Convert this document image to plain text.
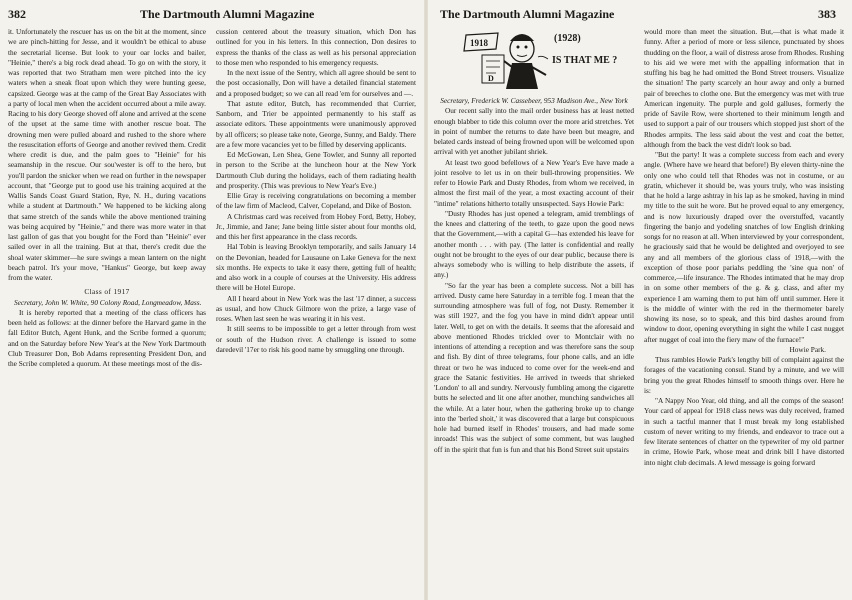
382	The Dartmouth Alumni Magazine

it. Unfortunately the rescuer has us on the bit at the moment, since we are pinch-hitting for Jesse, and it wouldn't be ethical to abuse the secretarial license. But look to your oar locks and bailer, "Heinie," there's a big rock dead ahead. To go on with the story, it was reported that two Stratham men were pitched into the icy waters when a sneak float upon which they were hunting geese, capsized. George was at the camp of the Great Bay Associates with a party of local men when the accident occurred about a mile away. Racing to his dory George shoved off alone and arrived at the scene of the upset at the same time with another rescue boat. The drowning men were pulled aboard and rushed to the shore where the resuscitation efforts of George and another revived them. Credit where credit is due, and the palm goes to "Heinie" for his seamanship in the rescue. Our sou'wester is off to the hero, but you'll pardon the snicker when we read on further in the newspaper account, that "George put to good use his training acquired at the Wallis Sands Coast Guard Station, Rye, N. H., during vacations while a student at Dartmouth." We happened to be kicking along that same stretch of the sands while the above mentioned training was being acquired by "Heinie," and there was more water in that last gallon of gas that you bought for the Ford than "Heinie" ever sailed over in all the training. But at that, there's credit due the shoal water skimmer—he sure swings a mean lantern on the night beach patrol. It's your move, "Hankus" George, but keep away from the water.

Class of 1917

Secretary, John W. White, 90 Colony Road, Longmeadow, Mass.

It is hereby reported that a meeting of the class officers has been held as follows: at the dinner before the Harvard game in the fall Editor Butch, Agent Hunk, and the Scribe formed a quorum; and on the Saturday before New Year's at the New York Dartmouth Club Treasurer Don, Bob Adams representing President Don, and the Scribe completed a quorum. At these meetings most of the dis-

cussion centered about the treasury situation, which Don has outlined for you in his letters. In this connection, Don desires to express the thanks of the class as well as his personal appreciation to those men who responded to his emergency requests.

In the next issue of the Sentry, which all agree should be sent to the post occasionally, Don will have a detailed financial statement and a proposed budget; so we can all read 'em for ourselves and —.

That astute editor, Butch, has recommended that Currier, Sanborn, and Trier be appointed permanently to his staff as associate editors. These appointments were unanimously approved by all officers; so please take note, George, Sunny, and Baldy. There are a few more vacancies yet to be filled by deserving applicants.

Ed McGowan, Len Shea, Gene Towler, and Sunny all reported in person to the Scribe at the luncheon hour at the New York Dartmouth Club during the holidays, each of them radiating health and prosperity. (This was previous to New Year's Eve.)

Ellie Gray is receiving congratulations on becoming a member of the law firm of Macleod, Calver, Copeland, and Dike of Boston.

A Christmas card was received from Hobey Ford, Betty, Hobey, Jr., Jimmie, and Jane; Jane being little sister about four months old, and this her first appearance in the class records.

Hal Tobin is leaving Brooklyn temporarily, and sails January 14 on the Devonian, headed for Lausaune on Lake Geneva for the next six months. He expects to take it easy there, getting full of health; and also work in a couple of courses at the University. His address there will be Hotel Europe.

All I heard about in New York was the last '17 dinner, a success as usual, and how Chuck Gilmore won the prize, a large vase of roses. When last seen he was wearing it in his vest.

It still seems to be impossible to get a letter through from west or south of the Hudson river. A challenge is issued to some daredevil '17er to risk his good name by smuggling one through.

The Dartmouth Alumni Magazine	383
1918
D
(1928)
IS THAT ME ?

Secretary, Frederick W. Cassebeer, 953 Madison Ave., New York

Our recent sally into the mail order business has at least netted enough blabber to tide this column over the more arid stretches. Yet in point of number the returns to date have been but meagre, and belated cards instead of being frowned upon will be welcomed upon arrival with yet another jubilant shriek.

At least two good befellows of a New Year's Eve have made a joint resolve to let us in on their bull-throwing propensities. We refer to Howie Park and Dusty Rhodes, from whom we received, in almost the first mail of the year, a most exacting account of their "intime" relations hitherto totally unsuspected. Says Howie Park:

"Dusty Rhodes has just opened a telegram, amid tremblings of the knees and clattering of the teeth, to gaze upon the good news that the Government,—with a capital G—has extended his leave for another month . . . with pay. (The latter is confidential and really ought not be brought to the eyes of our dear public, because there is always somebody who is willing to help distribute the assets, if any.)

"So far the year has been a complete success. Not a bill has arrived. Dusty came here Saturday in a terrible fog. I mean that the surrounding atmosphere was full of fog, not Dusty. Remember it was still 1927, and the fog you have in mind didn't appear until later. Well, to get on with the details. It seems that the aforesaid and above mentioned Rhodes trickled over to Montclair with no intentions of attending a reception and was therefore sans the soup and fish. By dint of three telegrams, four phone calls, and an idle threat or two he was induced to come over for the week-end and grace the Satanic festivities. He arrived in tweeds that shrieked 'London' to all and sundry. Nervously fumbling among the cigarette butts he selected and lit one after another, munching sandwiches all the while. At a later hour, when the gathering broke up to change into the 'berled shoit,' it was discovered that a large but conspicuous hole had burned itself in Rhodes' trousers, and had made some inroads! This was the subject of some comment, but was laughed off in the spirit that fun is fun and that his Bond Street suit upstairs

would more than meet the situation. But,—that is what made it funny. After a period of more or less silence, punctuated by shoes thudding on the floor, a wail of distress arose from Rhodes. Rushing to his aid we were met with the appalling information that in stuffing his bag he had omitted the Bond Street trousers. Visualize the situation! The party scarcely an hour away and only a burned pair of breeches to clothe one. But the emergency was met with true American ingenuity. The purple and gold galluses, formerly the pride of Savile Row, were shortened to their minimum length and used to support a pair of our trousers which stopped just short of the Rhodes armpits. The less said about the vest and coat the better, although from the back the vest didn't look so bad.

"But the party! It was a complete success from each and every angle. (Where have we heard that before!) By eleven thirty-nine the only one who could tell that Rhodes was not in costume, or au gratin, whichever it should be, was yours truly, who was insisting that he hold a large ashtray in his lap as he smoked, having in mind my title to the suit he wore. But he proved equal to any emergency, and is now luxuriously draped over the overstuffed, vacantly fingering the banjo and yodeling snatches of low English drinking songs for no reason at all. When interviewed by your correspondent, he graciously said that he would be delighted and overjoyed to see any and all members of the glorious class of 1918,—with the exception of those poor pariahs peddling the 'sine qua non' of commerce,—life insurance. The Rhodes intimated that he may drop in on some other members of the g. & g. class, and after my experience I am warning them to put him off until summer. Here it is the middle of winter with the red in the thermometer barely showing its nose, so to speak, and this bird dashes around from window to door, opening everything in sight the while I cast nugget after nugget of coal into the fiery maw of the furnace!"

Howie Park.

Thus rambles Howie Park's lengthy bill of complaint against the forages of the vacationing consul. Stand by a minute, and we will bring you the great Rhodes himself to smooth things over. Here he is:

"A Nappy Noo Year, old thing, and all the comps of the season! Your card of appeal for 1918 class news was duly received, framed in such a tactful manner that I must break my long established custom of never writing to my friends, and endeavor to trace out a few literate sentences of chatter on the typewriter of my old partner in crime, Howie Park, whose meat and drink bill I have distorted into night club decimals. A lewd message is going forward
